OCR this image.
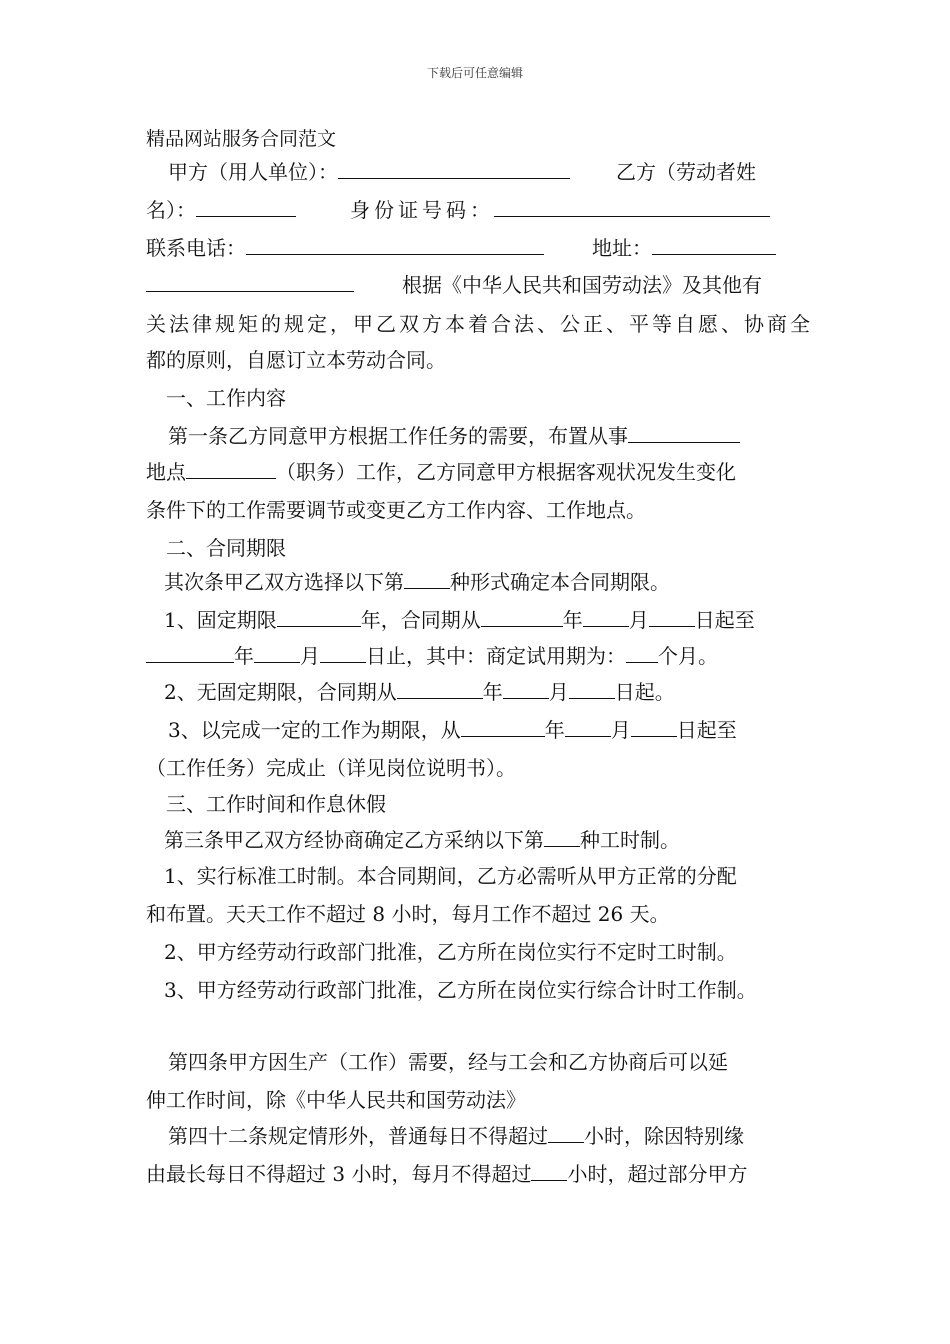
下载后可任意编辑
精品网站服务合同范文
甲方（用人单位）：	乙方（劳动者姓
名）：	身份证号码：
联系电话：	地址：
根据《中华人民共和国劳动法》及其他有
关法律规矩的规定，甲乙双方本着合法、公正、平等自愿、协商全
都的原则，自愿订立本劳动合同。
一、工作内容
第一条乙方同意甲方根据工作任务的需要，布置从事
地点	（职务）工作，乙方同意甲方根据客观状况发生变化
条件下的工作需要调节或变更乙方工作内容、工作地点。
二、合同期限
其次条甲乙双方选择以下第 种形式确定本合同期限。
1、固定期限	年，合同期从	年 月 日起至
年 月 日止，其中：商定试用期为： 个月。
2、无固定期限，合同期从	年 月 日起。
3、以完成一定的工作为期限，从	年 月 日起至
（工作任务）完成止（详见岗位说明书）。
三、工作时间和作息休假
第三条甲乙双方经协商确定乙方采纳以下第 种工时制。
1、实行标准工时制。本合同期间，乙方必需听从甲方正常的分配
和布置。天天工作不超过 8 小时，每月工作不超过 26 天。
2、甲方经劳动行政部门批准，乙方所在岗位实行不定时工时制。
3、甲方经劳动行政部门批准，乙方所在岗位实行综合计时工作制。
第四条甲方因生产（工作）需要，经与工会和乙方协商后可以延
伸工作时间，除《中华人民共和国劳动法》
第四十二条规定情形外，普通每日不得超过 小时，除因特别缘
由最长每日不得超过 3 小时，每月不得超过 小时，超过部分甲方
